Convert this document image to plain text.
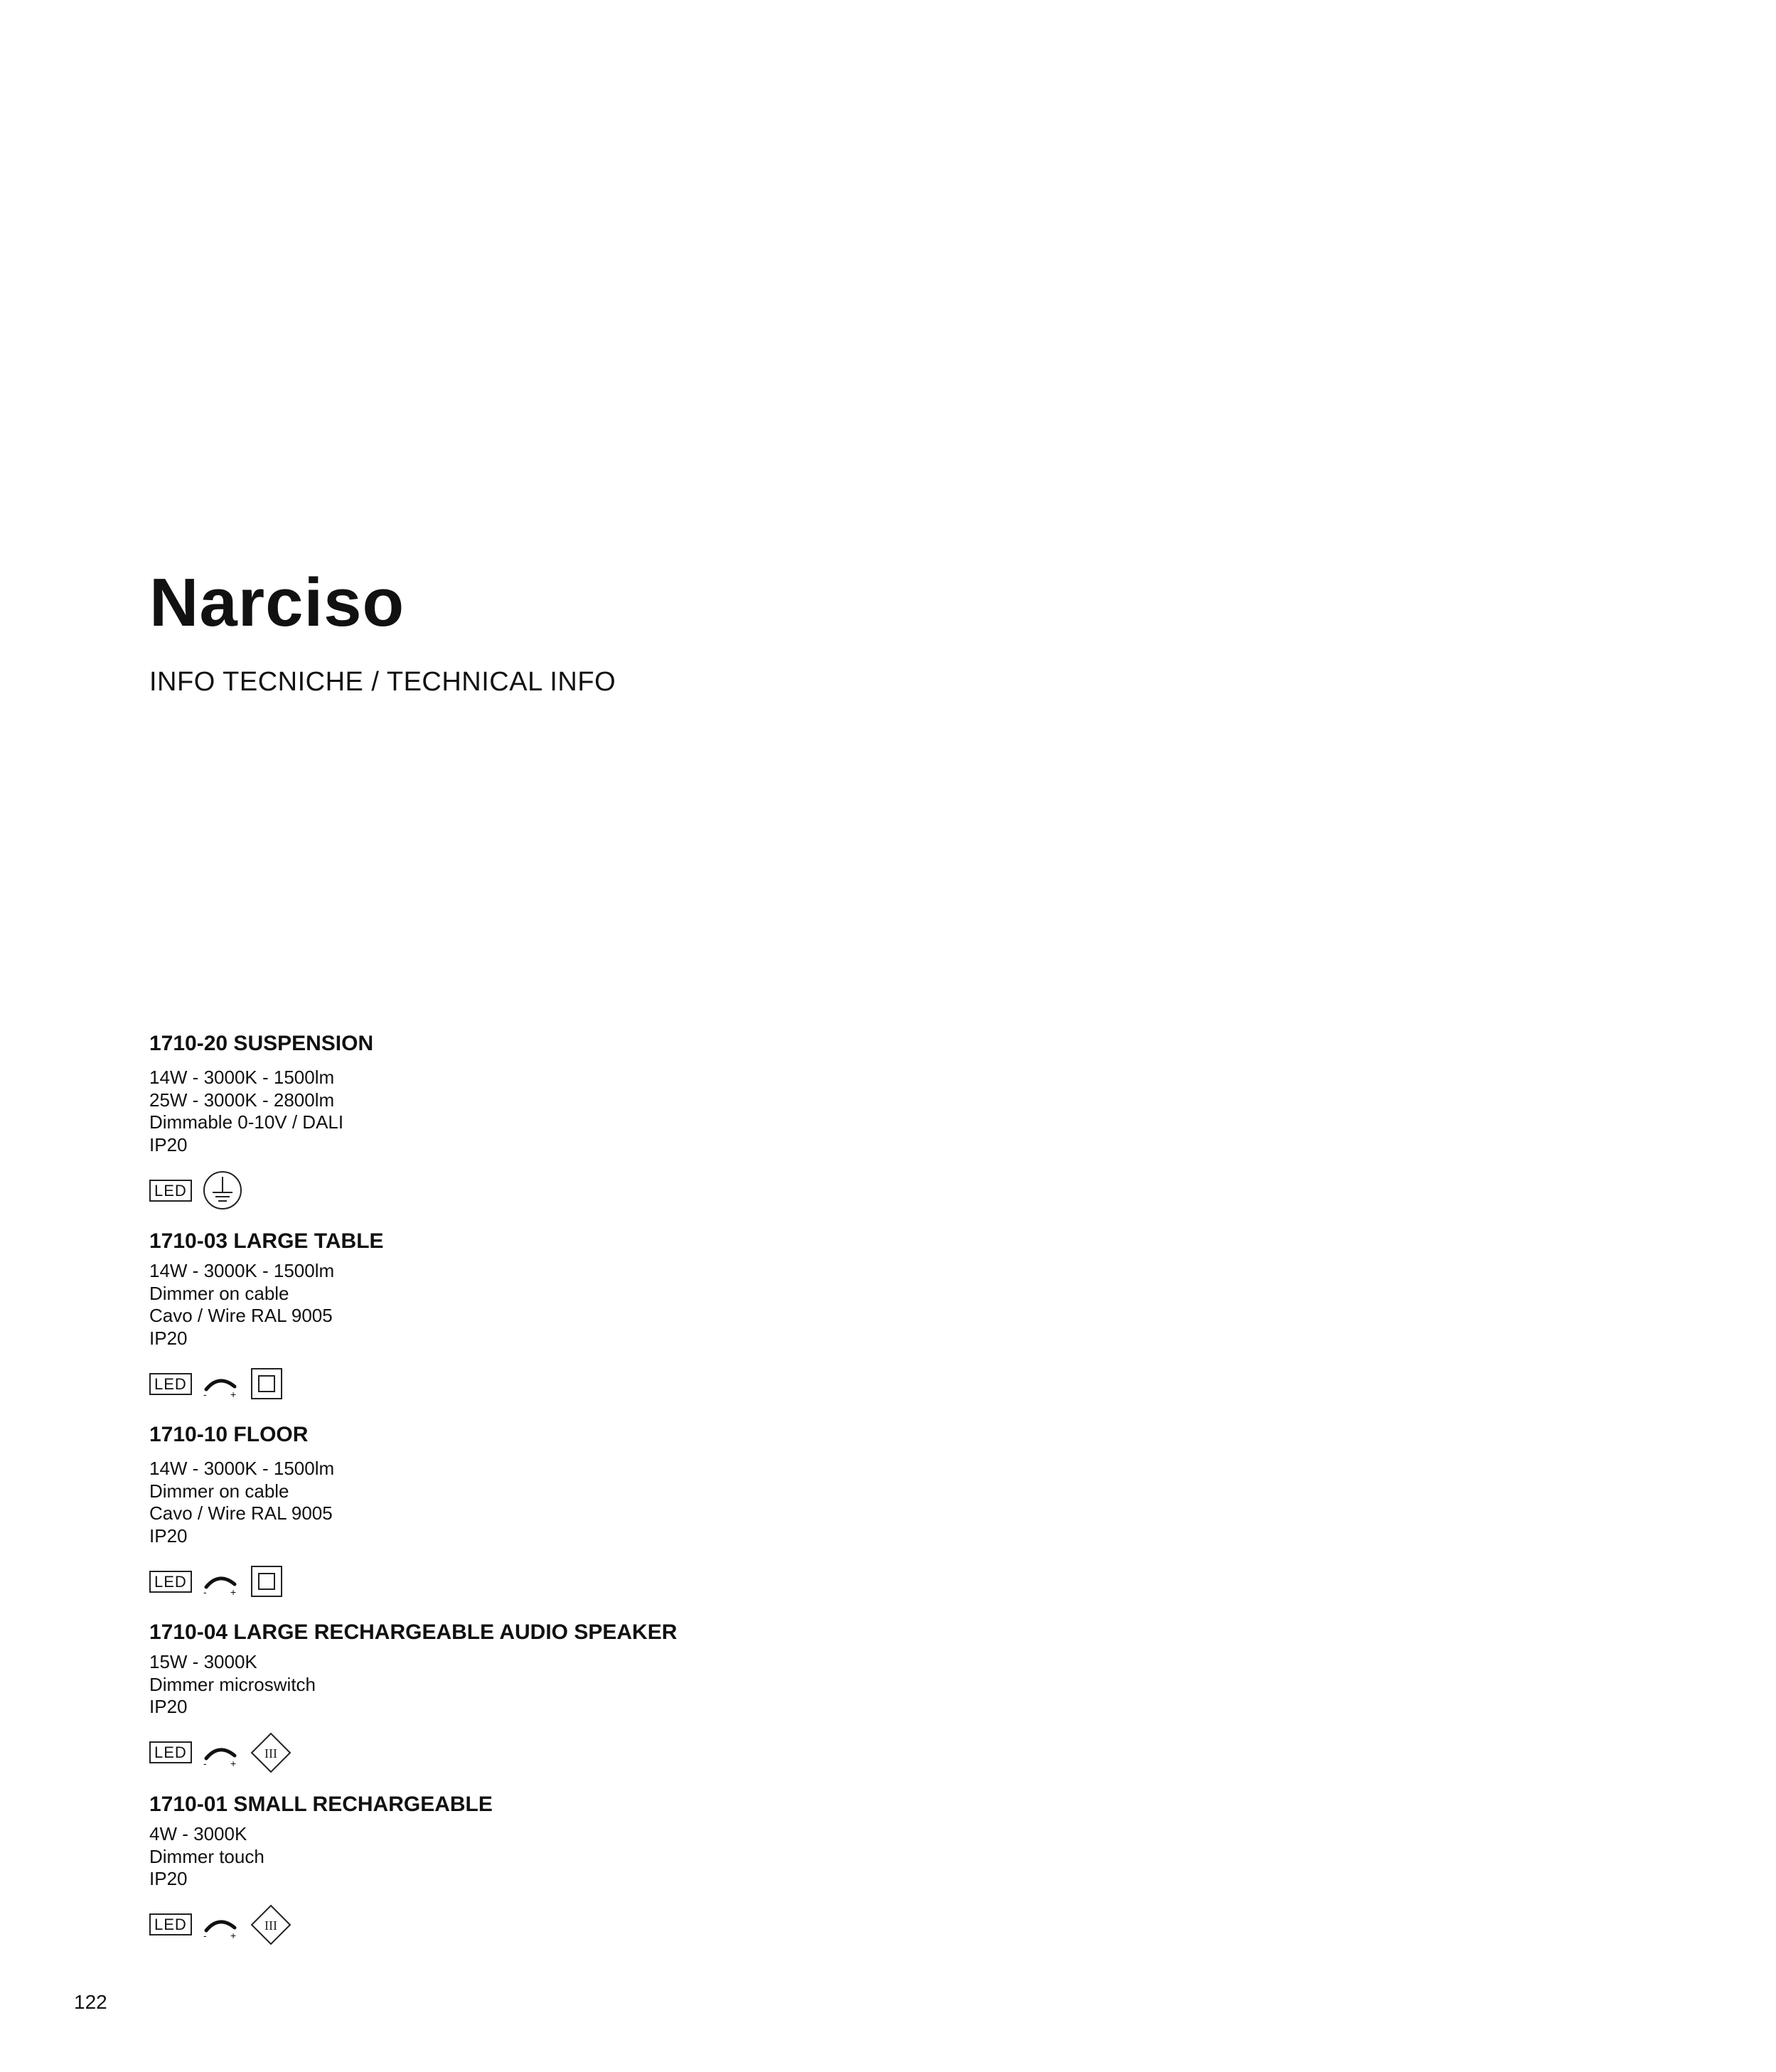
Narciso
INFO TECNICHE / TECHNICAL INFO
1710-20 SUSPENSION

14W - 3000K - 1500lm

25W - 3000K - 2800lm

Dimmable 0-10V / DALI

IP20

LED
1710-03 LARGE TABLE

14W - 3000K - 1500lm

Dimmer on cable

Cavo / Wire RAL 9005

IP20

LED
- +
1710-10 FLOOR

14W - 3000K - 1500lm

Dimmer on cable

Cavo / Wire RAL 9005

IP20

LED
- +
1710-04 LARGE RECHARGEABLE AUDIO SPEAKER

15W - 3000K

Dimmer microswitch

IP20

LED
- +
III
1710-01 SMALL RECHARGEABLE

4W - 3000K

Dimmer touch

IP20

LED
- +
III

122
